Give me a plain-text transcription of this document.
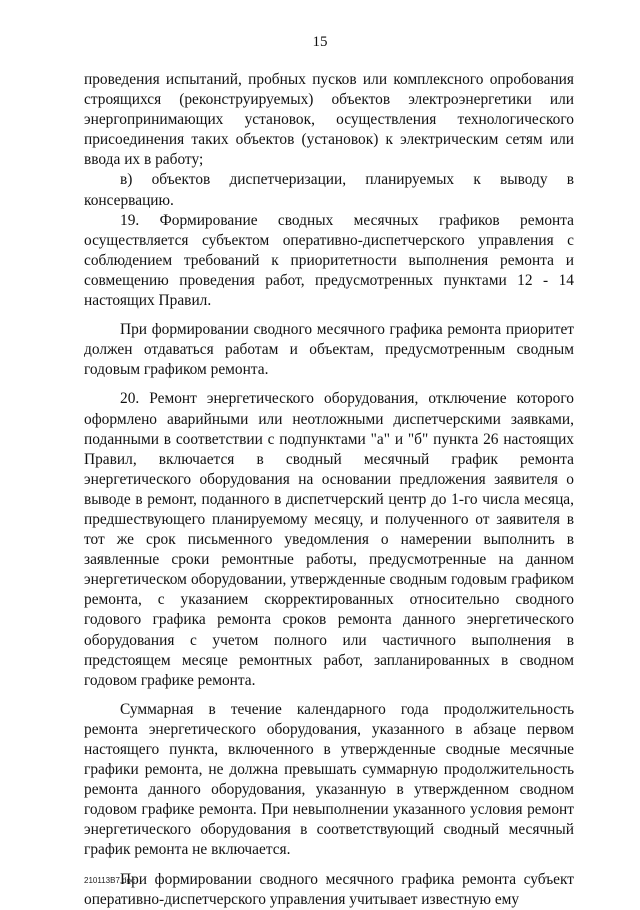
15

проведения испытаний, пробных пусков или комплексного опробования строящихся (реконструируемых) объектов электроэнергетики или энергопринимающих установок, осуществления технологического присоединения таких объектов (установок) к электрическим сетям или ввода их в работу;

в) объектов диспетчеризации, планируемых к выводу в консервацию.

19. Формирование сводных месячных графиков ремонта осуществляется субъектом оперативно-диспетчерского управления с соблюдением требований к приоритетности выполнения ремонта и совмещению проведения работ, предусмотренных пунктами 12 - 14 настоящих Правил.

При формировании сводного месячного графика ремонта приоритет должен отдаваться работам и объектам, предусмотренным сводным годовым графиком ремонта.

20. Ремонт энергетического оборудования, отключение которого оформлено аварийными или неотложными диспетчерскими заявками, поданными в соответствии с подпунктами "а" и "б" пункта 26 настоящих Правил, включается в сводный месячный график ремонта энергетического оборудования на основании предложения заявителя о выводе в ремонт, поданного в диспетчерский центр до 1-го числа месяца, предшествующего планируемому месяцу, и полученного от заявителя в тот же срок письменного уведомления о намерении выполнить в заявленные сроки ремонтные работы, предусмотренные на данном энергетическом оборудовании, утвержденные сводным годовым графиком ремонта, с указанием скорректированных относительно сводного годового графика ремонта сроков ремонта данного энергетического оборудования с учетом полного или частичного выполнения в предстоящем месяце ремонтных работ, запланированных в сводном годовом графике ремонта.

Суммарная в течение календарного года продолжительность ремонта энергетического оборудования, указанного в абзаце первом настоящего пункта, включенного в утвержденные сводные месячные графики ремонта, не должна превышать суммарную продолжительность ремонта данного оборудования, указанную в утвержденном сводном годовом графике ремонта. При невыполнении указанного условия ремонт энергетического оборудования в соответствующий сводный месячный график ремонта не включается.

При формировании сводного месячного графика ремонта субъект оперативно-диспетчерского управления учитывает известную ему

210113В7.doc
